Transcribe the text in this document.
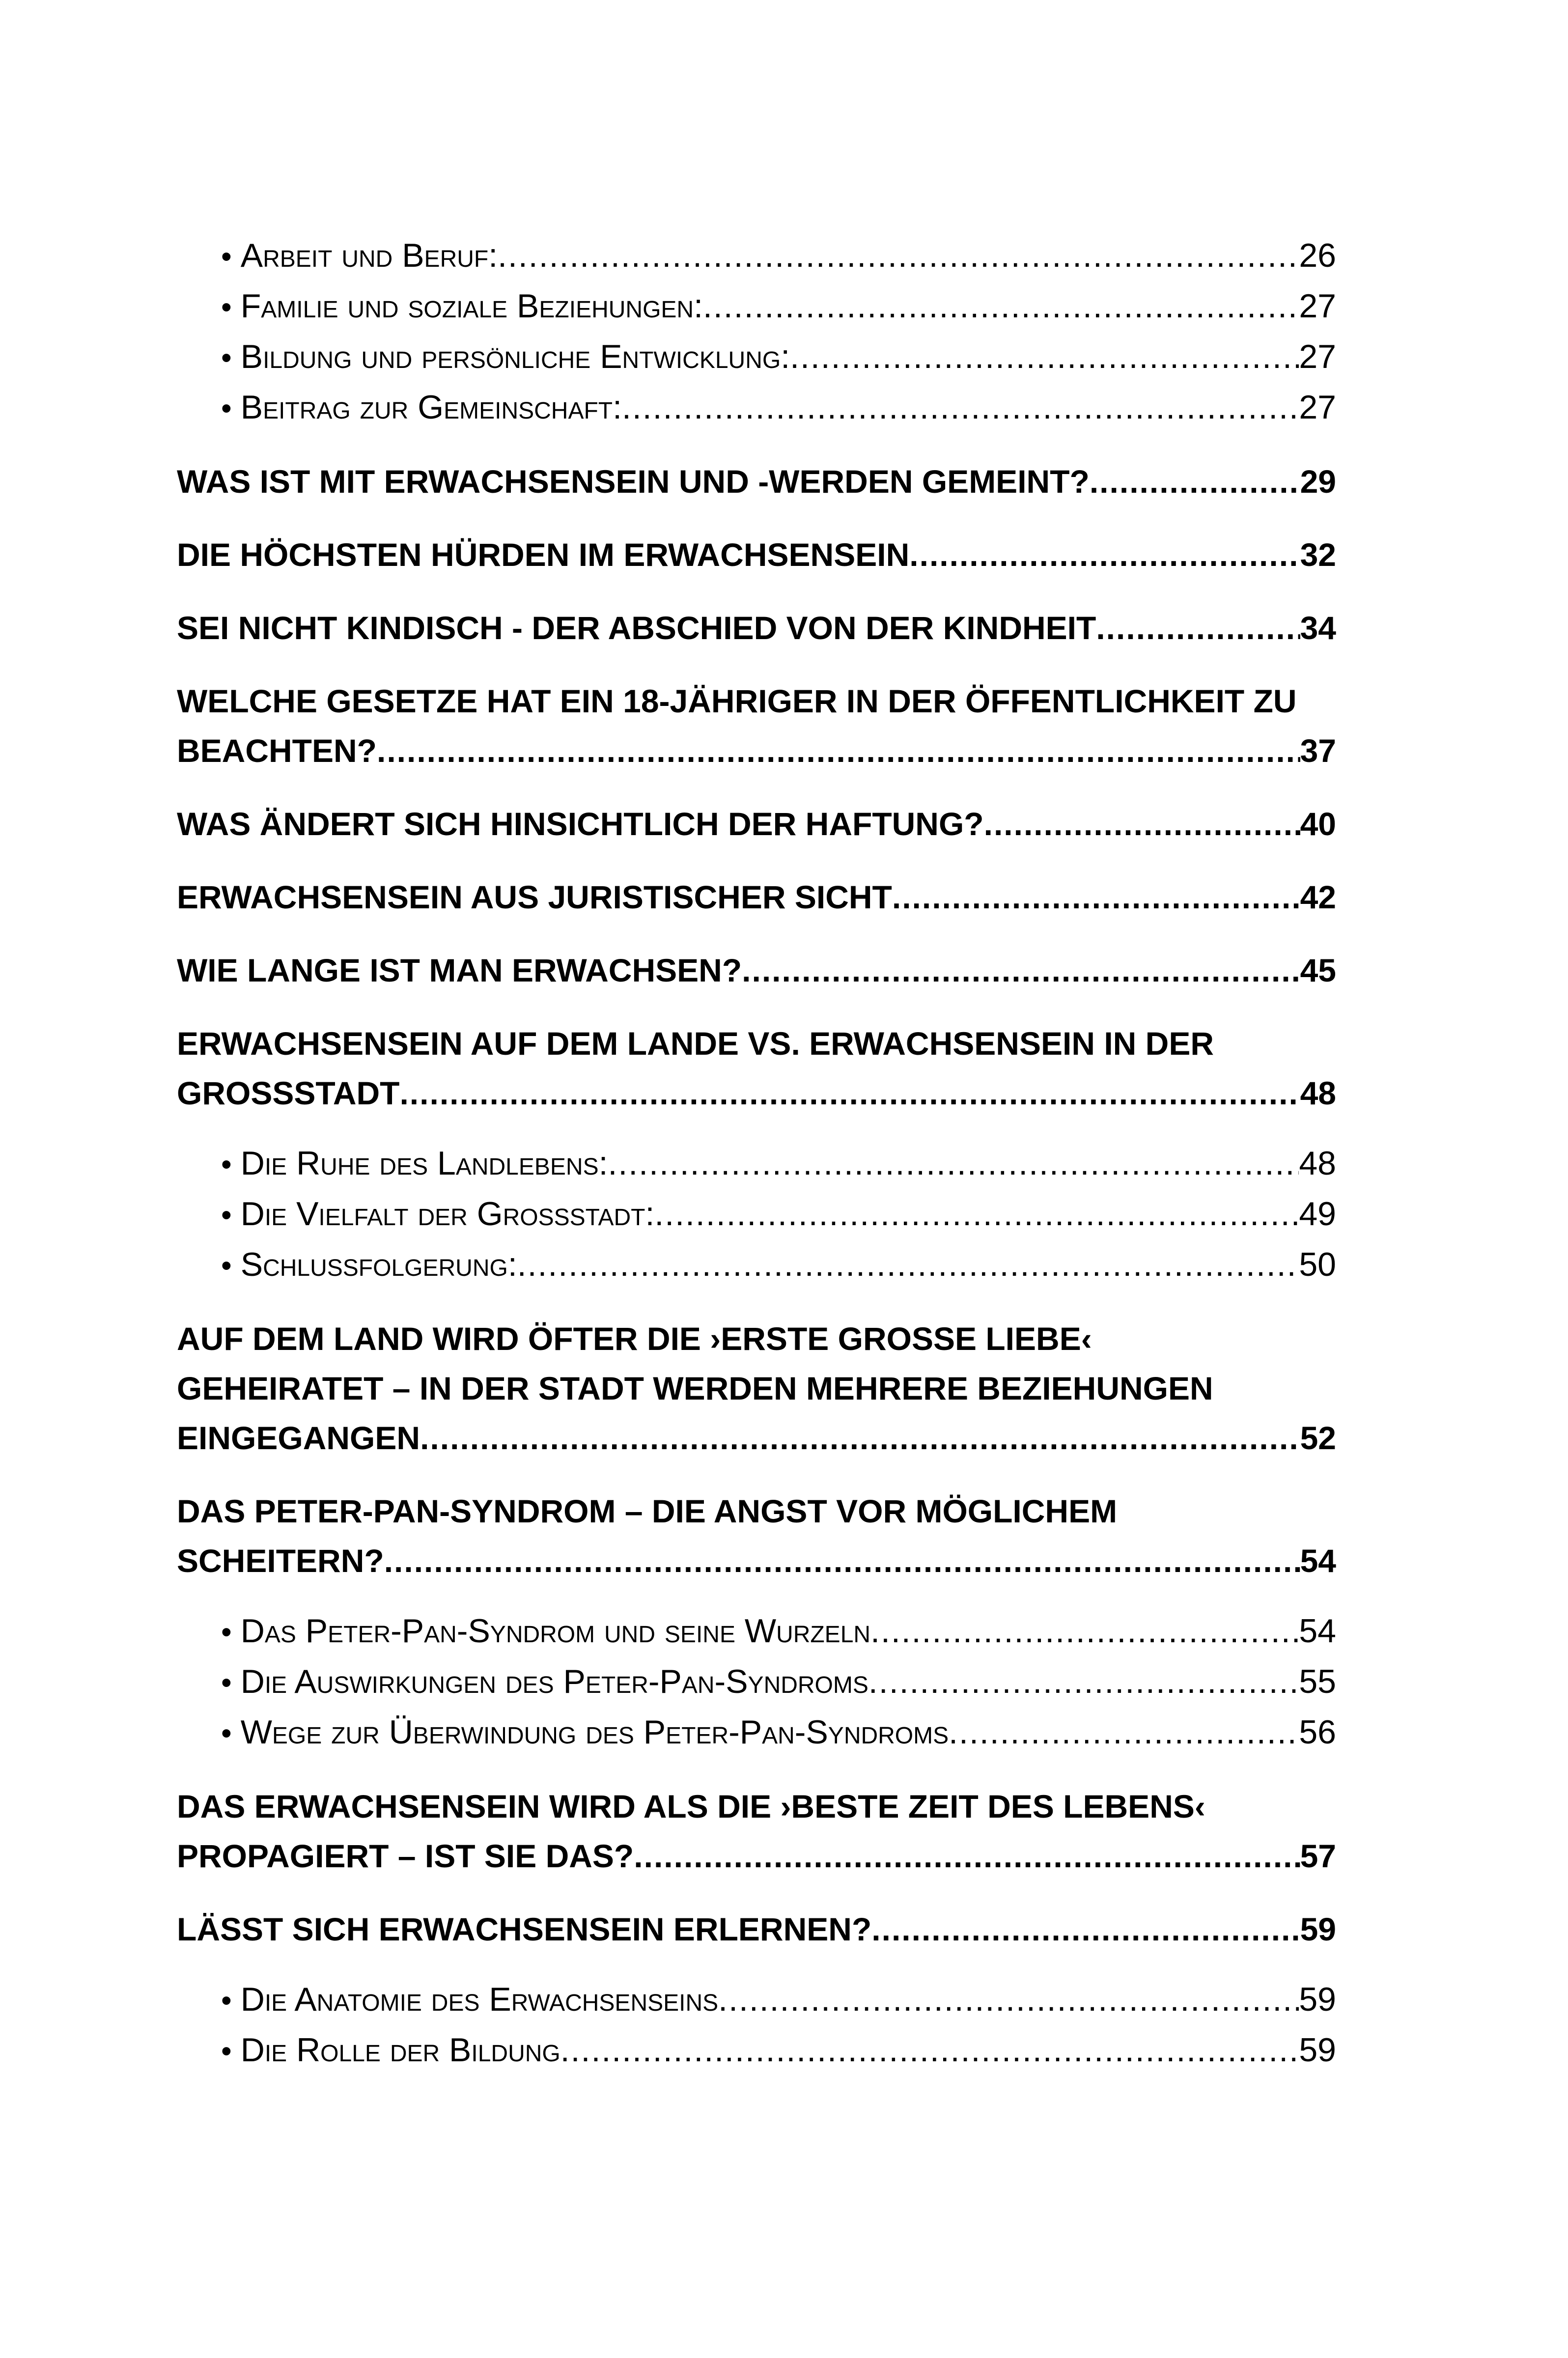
• Arbeit und Beruf: .....	26
• Familie und soziale Beziehungen: .....	27
• Bildung und persönliche Entwicklung: .....	27
• Beitrag zur Gemeinschaft: .....	27
WAS IST MIT ERWACHSENSEIN UND -WERDEN GEMEINT? .....	29
DIE HÖCHSTEN HÜRDEN IM ERWACHSENSEIN .....	32
SEI NICHT KINDISCH - DER ABSCHIED VON DER KINDHEIT .....	34
WELCHE GESETZE HAT EIN 18-JÄHRIGER IN DER ÖFFENTLICHKEIT ZU
BEACHTEN? .....	37
WAS ÄNDERT SICH HINSICHTLICH DER HAFTUNG? .....	40
ERWACHSENSEIN AUS JURISTISCHER SICHT .....	42
WIE LANGE IST MAN ERWACHSEN? .....	45
ERWACHSENSEIN AUF DEM LANDE VS. ERWACHSENSEIN IN DER
GROSSSTADT .....	48
• Die Ruhe des Landlebens: .....	48
• Die Vielfalt der Grossstadt: .....	49
• Schlussfolgerung: .....	50
AUF DEM LAND WIRD ÖFTER DIE ›ERSTE GROSSE LIEBE‹
GEHEIRATET – IN DER STADT WERDEN MEHRERE BEZIEHUNGEN
EINGEGANGEN .....	52
DAS PETER-PAN-SYNDROM – DIE ANGST VOR MÖGLICHEM
SCHEITERN? .....	54
• Das Peter-Pan-Syndrom und seine Wurzeln .....	54
• Die Auswirkungen des Peter-Pan-Syndroms .....	55
• Wege zur Überwindung des Peter-Pan-Syndroms .....	56
DAS ERWACHSENSEIN WIRD ALS DIE ›BESTE ZEIT DES LEBENS‹
PROPAGIERT – IST SIE DAS? .....	57
LÄSST SICH ERWACHSENSEIN ERLERNEN? .....	59
• Die Anatomie des Erwachsenseins .....	59
• Die Rolle der Bildung .....	59
